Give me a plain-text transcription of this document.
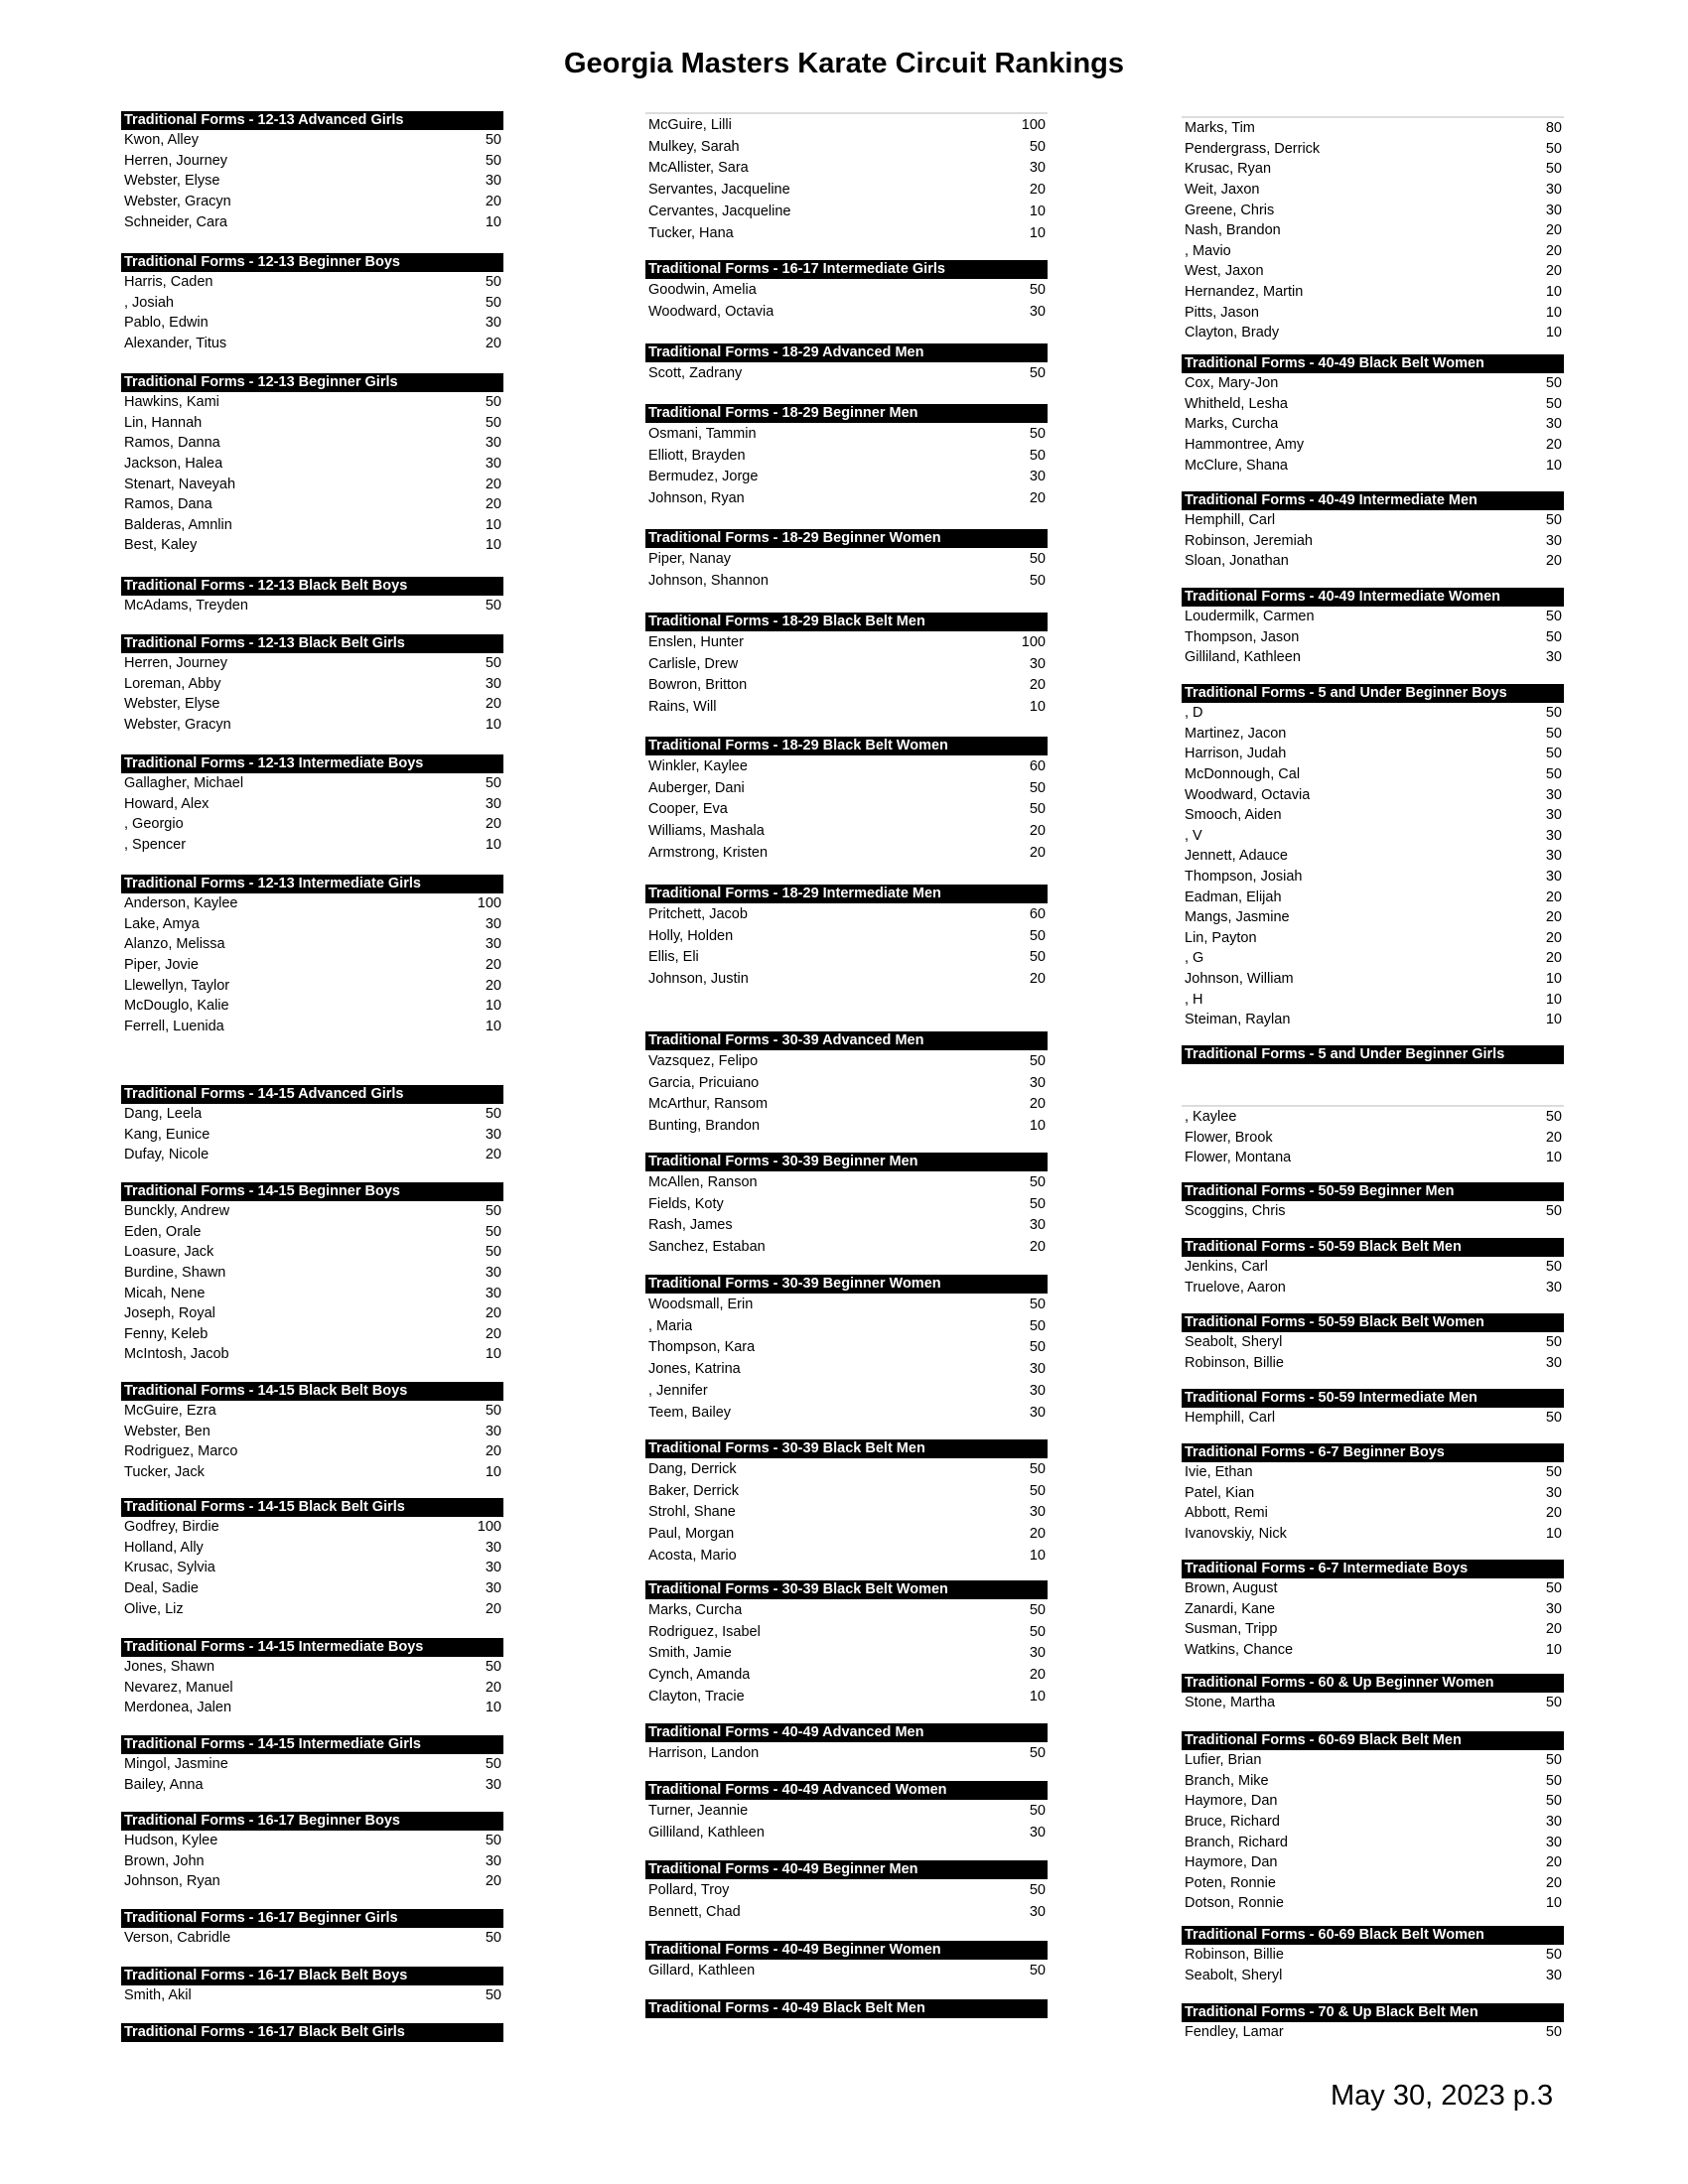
Georgia Masters Karate Circuit Rankings
Traditional Forms - 12-13 Advanced Girls
Kwon, Alley	50
Herren, Journey	50
Webster, Elyse	30
Webster, Gracyn	20
Schneider, Cara	10
Traditional Forms - 12-13 Beginner Boys
Harris, Caden	50
, Josiah	50
Pablo, Edwin	30
Alexander, Titus	20
Traditional Forms - 12-13 Beginner Girls
Hawkins, Kami	50
Lin, Hannah	50
Ramos, Danna	30
Jackson, Halea	30
Stenart, Naveyah	20
Ramos, Dana	20
Balderas, Amnlin	10
Best, Kaley	10
Traditional Forms - 12-13 Black Belt Boys
McAdams, Treyden	50
Traditional Forms - 12-13 Black Belt Girls
Herren, Journey	50
Loreman, Abby	30
Webster, Elyse	20
Webster, Gracyn	10
Traditional Forms - 12-13 Intermediate Boys
Gallagher, Michael	50
Howard, Alex	30
, Georgio	20
, Spencer	10
Traditional Forms - 12-13 Intermediate Girls
Anderson, Kaylee	100
Lake, Amya	30
Alanzo, Melissa	30
Piper, Jovie	20
Llewellyn, Taylor	20
McDouglo, Kalie	10
Ferrell, Luenida	10
Traditional Forms - 14-15 Advanced Girls
Dang, Leela	50
Kang, Eunice	30
Dufay, Nicole	20
Traditional Forms - 14-15 Beginner Boys
Bunckly, Andrew	50
Eden, Orale	50
Loasure, Jack	50
Burdine, Shawn	30
Micah, Nene	30
Joseph, Royal	20
Fenny, Keleb	20
McIntosh, Jacob	10
Traditional Forms - 14-15 Black Belt Boys
McGuire, Ezra	50
Webster, Ben	30
Rodriguez, Marco	20
Tucker, Jack	10
Traditional Forms - 14-15 Black Belt Girls
Godfrey, Birdie	100
Holland, Ally	30
Krusac, Sylvia	30
Deal, Sadie	30
Olive, Liz	20
Traditional Forms - 14-15 Intermediate Boys
Jones, Shawn	50
Nevarez, Manuel	20
Merdonea, Jalen	10
Traditional Forms - 14-15 Intermediate Girls
Mingol, Jasmine	50
Bailey, Anna	30
Traditional Forms - 16-17 Beginner Boys
Hudson, Kylee	50
Brown, John	30
Johnson, Ryan	20
Traditional Forms - 16-17 Beginner Girls
Verson, Cabridle	50
Traditional Forms - 16-17 Black Belt Boys
Smith, Akil	50
Traditional Forms - 16-17 Black Belt Girls
McGuire, Lilli	100
Mulkey, Sarah	50
McAllister, Sara	30
Servantes, Jacqueline	20
Cervantes, Jacqueline	10
Tucker, Hana	10
Traditional Forms - 16-17 Intermediate Girls
Goodwin, Amelia	50
Woodward, Octavia	30
Traditional Forms - 18-29 Advanced Men
Scott, Zadrany	50
Traditional Forms - 18-29 Beginner Men
Osmani, Tammin	50
Elliott, Brayden	50
Bermudez, Jorge	30
Johnson, Ryan	20
Traditional Forms - 18-29 Beginner Women
Piper, Nanay	50
Johnson, Shannon	50
Traditional Forms - 18-29 Black Belt Men
Enslen, Hunter	100
Carlisle, Drew	30
Bowron, Britton	20
Rains, Will	10
Traditional Forms - 18-29 Black Belt Women
Winkler, Kaylee	60
Auberger, Dani	50
Cooper, Eva	50
Williams, Mashala	20
Armstrong, Kristen	20
Traditional Forms - 18-29 Intermediate Men
Pritchett, Jacob	60
Holly, Holden	50
Ellis, Eli	50
Johnson, Justin	20
Traditional Forms - 30-39 Advanced Men
Vazsquez, Felipo	50
Garcia, Pricuiano	30
McArthur, Ransom	20
Bunting, Brandon	10
Traditional Forms - 30-39 Beginner Men
McAllen, Ranson	50
Fields, Koty	50
Rash, James	30
Sanchez, Estaban	20
Traditional Forms - 30-39 Beginner Women
Woodsmall, Erin	50
, Maria	50
Thompson, Kara	50
Jones, Katrina	30
, Jennifer	30
Teem, Bailey	30
Traditional Forms - 30-39 Black Belt Men
Dang, Derrick	50
Baker, Derrick	50
Strohl, Shane	30
Paul, Morgan	20
Acosta, Mario	10
Traditional Forms - 30-39 Black Belt Women
Marks, Curcha	50
Rodriguez, Isabel	50
Smith, Jamie	30
Cynch, Amanda	20
Clayton, Tracie	10
Traditional Forms - 40-49 Advanced Men
Harrison, Landon	50
Traditional Forms - 40-49 Advanced Women
Turner, Jeannie	50
Gilliland, Kathleen	30
Traditional Forms - 40-49 Beginner Men
Pollard, Troy	50
Bennett, Chad	30
Traditional Forms - 40-49 Beginner Women
Gillard, Kathleen	50
Traditional Forms - 40-49 Black Belt Men
Marks, Tim	80
Pendergrass, Derrick	50
Krusac, Ryan	50
Weit, Jaxon	30
Greene, Chris	30
Nash, Brandon	20
, Mavio	20
West, Jaxon	20
Hernandez, Martin	10
Pitts, Jason	10
Clayton, Brady	10
Traditional Forms - 40-49 Black Belt Women
Cox, Mary-Jon	50
Whitheld, Lesha	50
Marks, Curcha	30
Hammontree, Amy	20
McClure, Shana	10
Traditional Forms - 40-49 Intermediate Men
Hemphill, Carl	50
Robinson, Jeremiah	30
Sloan, Jonathan	20
Traditional Forms - 40-49 Intermediate Women
Loudermilk, Carmen	50
Thompson, Jason	50
Gilliland, Kathleen	30
Traditional Forms - 5 and Under Beginner Boys
, D	50
Martinez, Jacon	50
Harrison, Judah	50
McDonnough, Cal	50
Woodward, Octavia	30
Smooch, Aiden	30
, V	30
Jennett, Adauce	30
Thompson, Josiah	30
Eadman, Elijah	20
Mangs, Jasmine	20
Lin, Payton	20
, G	20
Johnson, William	10
, H	10
Steiman, Raylan	10
Traditional Forms - 5 and Under Beginner Girls
, Kaylee	50
Flower, Brook	20
Flower, Montana	10
Traditional Forms - 50-59 Beginner Men
Scoggins, Chris	50
Traditional Forms - 50-59 Black Belt Men
Jenkins, Carl	50
Truelove, Aaron	30
Traditional Forms - 50-59 Black Belt Women
Seabolt, Sheryl	50
Robinson, Billie	30
Traditional Forms - 50-59 Intermediate Men
Hemphill, Carl	50
Traditional Forms - 6-7 Beginner Boys
Ivie, Ethan	50
Patel, Kian	30
Abbott, Remi	20
Ivanovskiy, Nick	10
Traditional Forms - 6-7 Intermediate Boys
Brown, August	50
Zanardi, Kane	30
Susman, Tripp	20
Watkins, Chance	10
Traditional Forms - 60 & Up Beginner Women
Stone, Martha	50
Traditional Forms - 60-69 Black Belt Men
Lufier, Brian	50
Branch, Mike	50
Haymore, Dan	50
Bruce, Richard	30
Branch, Richard	30
Haymore, Dan	20
Poten, Ronnie	20
Dotson, Ronnie	10
Traditional Forms - 60-69 Black Belt Women
Robinson, Billie	50
Seabolt, Sheryl	30
Traditional Forms - 70 & Up Black Belt Men
Fendley, Lamar	50
May 30, 2023 p.3
